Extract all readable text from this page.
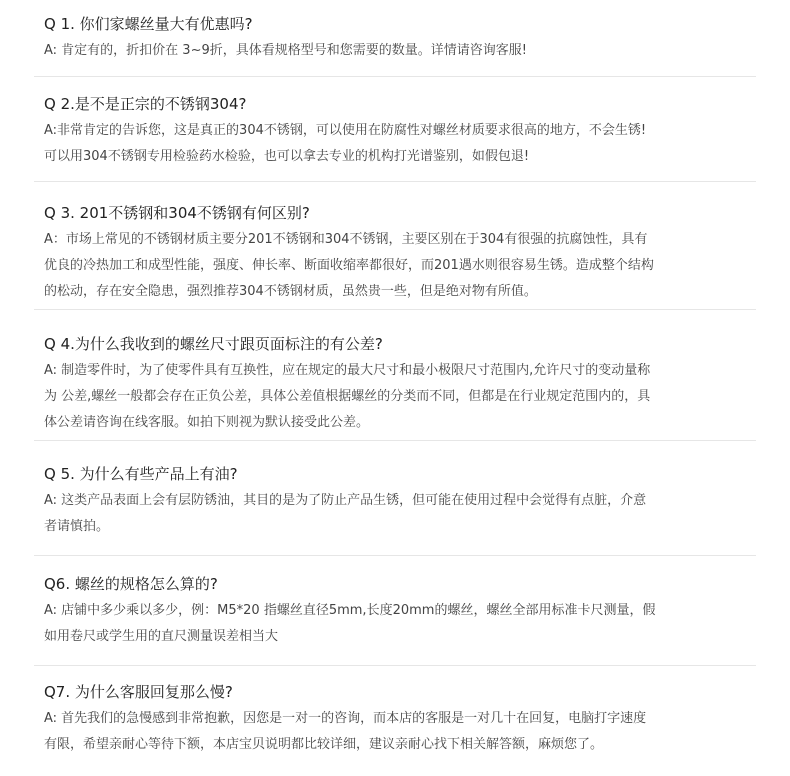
Q 1. 你们家螺丝量大有优惠吗?
A: 肯定有的，折扣价在 3~9折，具体看规格型号和您需要的数量。详情请咨询客服!
Q 2.是不是正宗的不锈钢304?
A:非常肯定的告诉您，这是真正的304不锈钢，可以使用在防腐性对螺丝材质要求很高的地方，不会生锈!
可以用304不锈钢专用检验药水检验，也可以拿去专业的机构打光谱鉴别，如假包退!
Q 3. 201不锈钢和304不锈钢有何区别?
A：市场上常见的不锈钢材质主要分201不锈钢和304不锈钢，主要区别在于304有很强的抗腐蚀性，具有
优良的冷热加工和成型性能，强度、伸长率、断面收缩率都很好，而201遇水则很容易生锈。造成整个结构
的松动，存在安全隐患，强烈推荐304不锈钢材质，虽然贵一些，但是绝对物有所值。
Q 4.为什么我收到的螺丝尺寸跟页面标注的有公差?
A: 制造零件时，为了使零件具有互换性，应在规定的最大尺寸和最小极限尺寸范围内,允许尺寸的变动量称
为 公差,螺丝一般都会存在正负公差，具体公差值根据螺丝的分类而不同，但都是在行业规定范围内的，具
体公差请咨询在线客服。如拍下则视为默认接受此公差。
Q 5. 为什么有些产品上有油?
A: 这类产品表面上会有层防锈油，其目的是为了防止产品生锈，但可能在使用过程中会觉得有点脏，介意
者请慎拍。
Q6. 螺丝的规格怎么算的?
A: 店铺中多少乘以多少，例：M5*20 指螺丝直径5mm,长度20mm的螺丝，螺丝全部用标准卡尺测量，假
如用卷尺或学生用的直尺测量误差相当大
Q7. 为什么客服回复那么慢?
A: 首先我们的急慢感到非常抱歉，因您是一对一的咨询，而本店的客服是一对几十在回复，电脑打字速度
有限，希望亲耐心等待下额，本店宝贝说明都比较详细，建议亲耐心找下相关解答额，麻烦您了。
